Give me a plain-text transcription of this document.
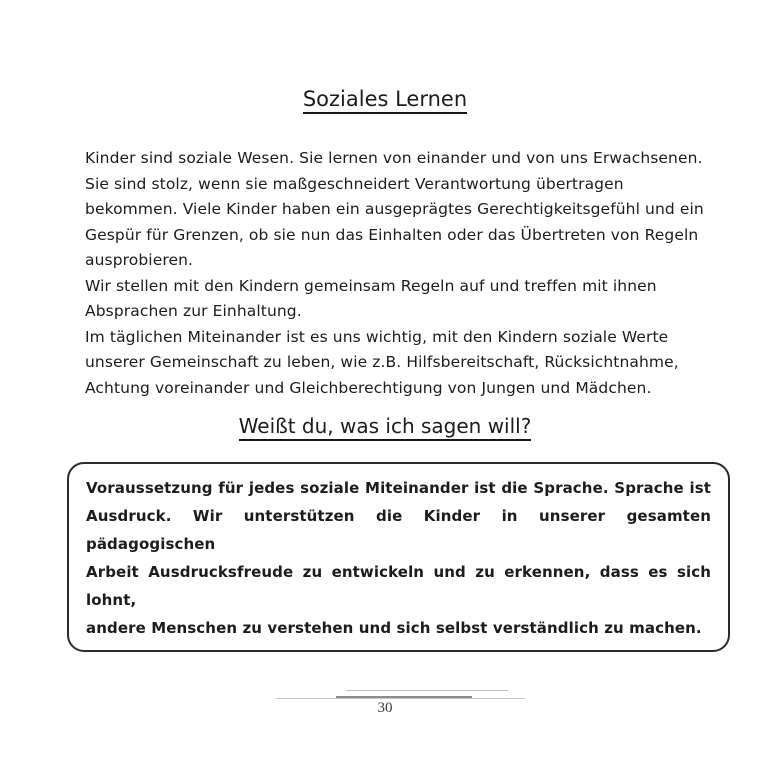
Soziales Lernen
Kinder sind soziale Wesen. Sie lernen von einander und von uns Erwachsenen.
Sie sind stolz, wenn sie maßgeschneidert Verantwortung übertragen
bekommen. Viele Kinder haben ein ausgeprägtes Gerechtigkeitsgefühl und ein
Gespür für Grenzen, ob sie nun das Einhalten oder das Übertreten von Regeln
ausprobieren.
Wir stellen mit den Kindern gemeinsam Regeln auf und treffen mit ihnen
Absprachen zur Einhaltung.
Im täglichen Miteinander ist es uns wichtig, mit den Kindern soziale Werte
unserer Gemeinschaft zu leben, wie z.B. Hilfsbereitschaft, Rücksichtnahme,
Achtung voreinander und Gleichberechtigung von Jungen und Mädchen.
Weißt du, was ich sagen will?
Voraussetzung für jedes soziale Miteinander ist die Sprache. Sprache ist
Ausdruck. Wir unterstützen die Kinder in unserer gesamten pädagogischen
Arbeit Ausdrucksfreude zu entwickeln und zu erkennen, dass es sich lohnt,
andere Menschen zu verstehen und sich selbst verständlich zu machen.
30
